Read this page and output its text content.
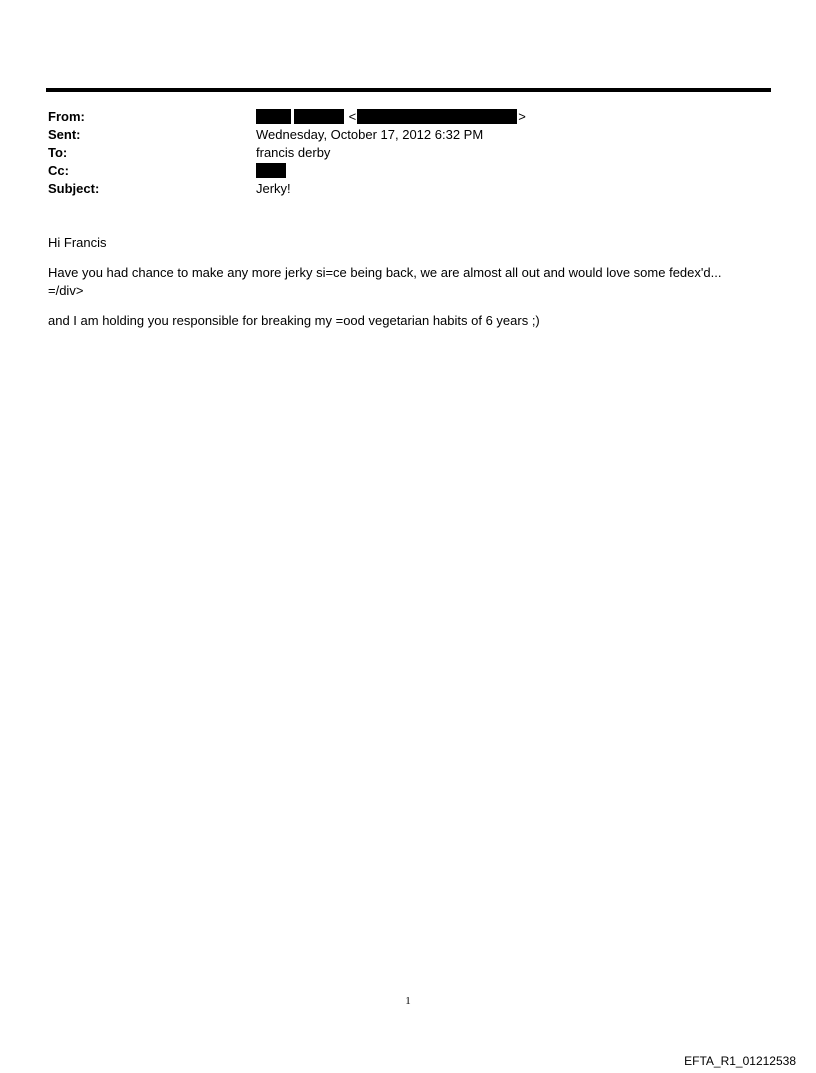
From:	<	>
Sent:	Wednesday, October 17, 2012 6:32 PM
To:	francis derby
Cc:
Subject:	Jerky!

Hi Francis

Have you had chance to make any more jerky si=ce being back, we are almost all out and would love some fedex'd...
=/div>

and I am holding you responsible for breaking my =ood vegetarian habits of 6 years ;)

1
EFTA_R1_01212538
